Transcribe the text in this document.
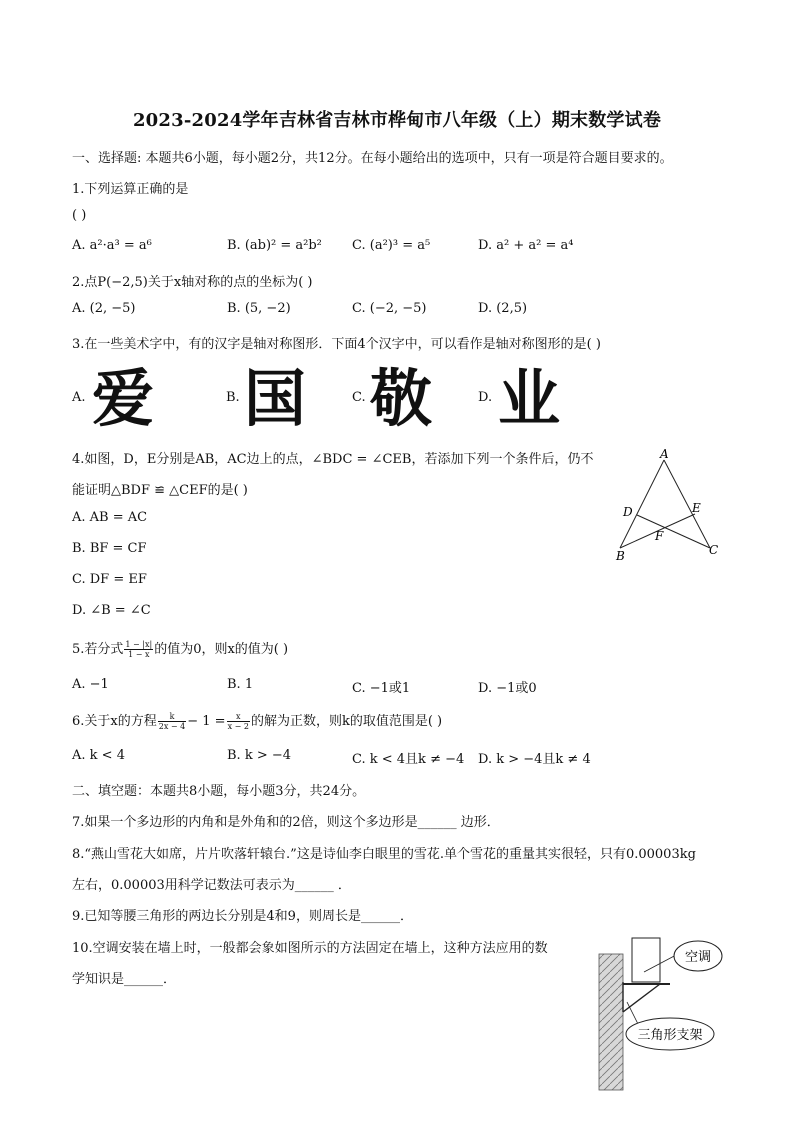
2023-2024学年吉林省吉林市桦甸市八年级（上）期末数学试卷
一、选择题: 本题共6小题，每小题2分，共12分。在每小题给出的选项中，只有一项是符合题目要求的。
1.下列运算正确的是
( )
A. a²·a³ = a⁶	B. (ab)² = a²b² C. (a²)³ = a⁵	D. a² + a² = a⁴
2.点P(−2,5)关于x轴对称的点的坐标为( )
A. (2, −5)	B. (5, −2)	C. (−2, −5)	D. (2,5)
3.在一些美术字中，有的汉字是轴对称图形．下面4个汉字中，可以看作是轴对称图形的是( )
A. 爱	B. 国	C. 敬	D. 业
4.如图，D，E分别是AB，AC边上的点，∠BDC = ∠CEB，若添加下列一个条件后，仍不
能证明△BDF ≌ △CEF的是( )
A. AB = AC
B. BF = CF
C. DF = EF
D. ∠B = ∠C
A
D	E
F
B	C
5.若分式 $\frac{1 - |x|}{1 - x}$ 的值为0，则x的值为( )
A. −1	B. 1	C. −1或1	D. −1或0
6.关于x的方程 $\frac{k}{2x - 4} - 1 = \frac{x}{x - 2}$ 的解为正数，则k的取值范围是( )
A. k < 4	B. k > −4	C. k < 4且k ≠ −4 D. k > −4且k ≠ 4
二、填空题：本题共8小题，每小题3分，共24分。
7.如果一个多边形的内角和是外角和的2倍，则这个多边形是______ 边形．
8.“燕山雪花大如席，片片吹落轩辕台.”这是诗仙李白眼里的雪花.单个雪花的重量其实很轻，只有0.00003kg
左右，0.00003用科学记数法可表示为______ ．
9.已知等腰三角形的两边长分别是4和9，则周长是______．
10.空调安装在墙上时，一般都会象如图所示的方法固定在墙上，这种方法应用的数
学知识是______．
空调
三角形支架
